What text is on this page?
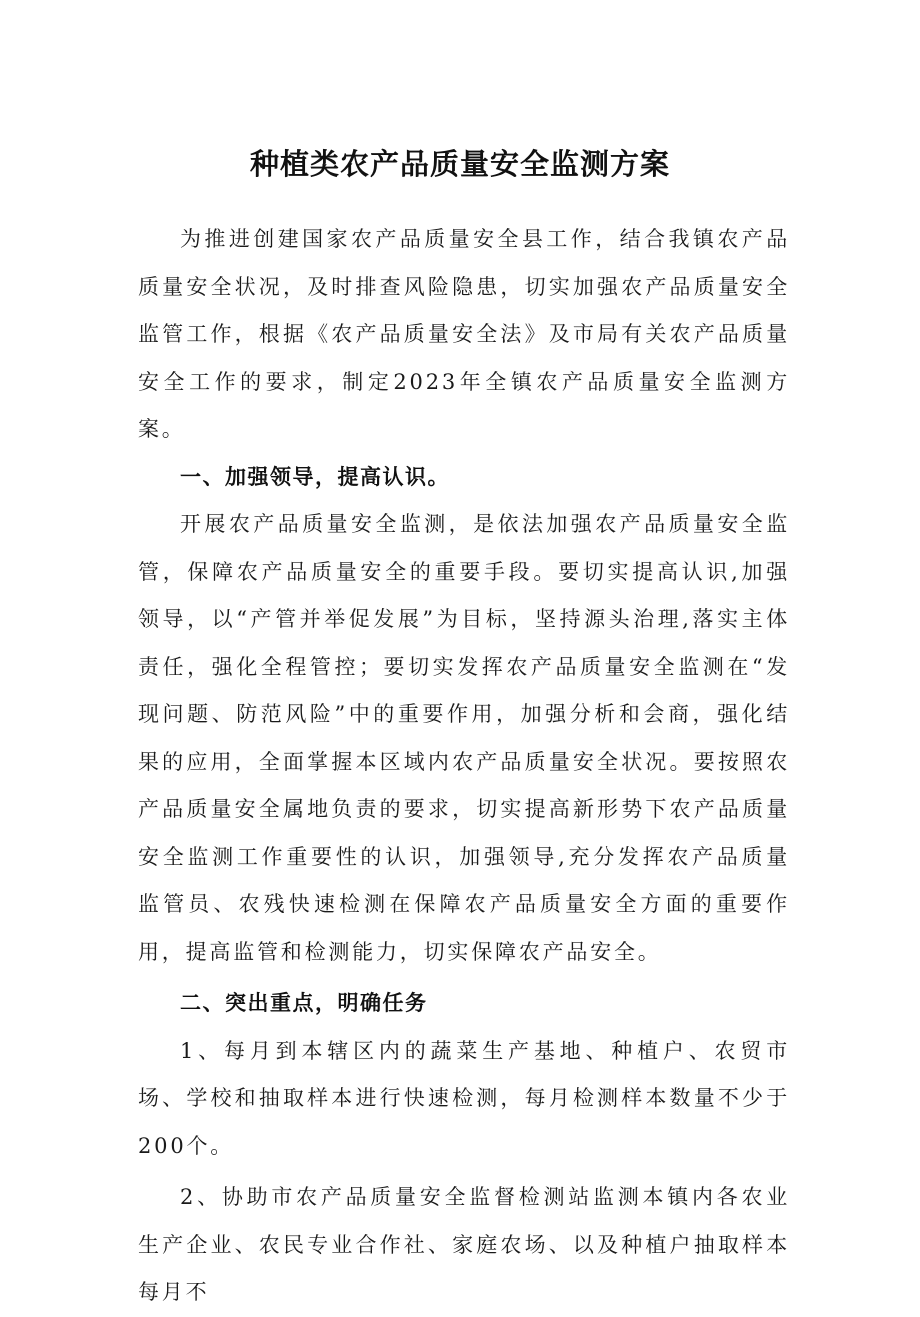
种植类农产品质量安全监测方案

为推进创建国家农产品质量安全县工作，结合我镇农产品质量安全状况，及时排查风险隐患，切实加强农产品质量安全监管工作，根据《农产品质量安全法》及市局有关农产品质量安全工作的要求，制定2023年全镇农产品质量安全监测方案。

一、加强领导，提高认识。

开展农产品质量安全监测，是依法加强农产品质量安全监管，保障农产品质量安全的重要手段。要切实提高认识,加强领导，以“产管并举促发展”为目标，坚持源头治理,落实主体责任，强化全程管控；要切实发挥农产品质量安全监测在“发现问题、防范风险”中的重要作用，加强分析和会商，强化结果的应用，全面掌握本区域内农产品质量安全状况。要按照农产品质量安全属地负责的要求，切实提高新形势下农产品质量安全监测工作重要性的认识，加强领导,充分发挥农产品质量监管员、农残快速检测在保障农产品质量安全方面的重要作用，提高监管和检测能力，切实保障农产品安全。

二、突出重点，明确任务

1、每月到本辖区内的蔬菜生产基地、种植户、农贸市场、学校和抽取样本进行快速检测，每月检测样本数量不少于200个。

2、协助市农产品质量安全监督检测站监测本镇内各农业生产企业、农民专业合作社、家庭农场、以及种植户抽取样本每月不
